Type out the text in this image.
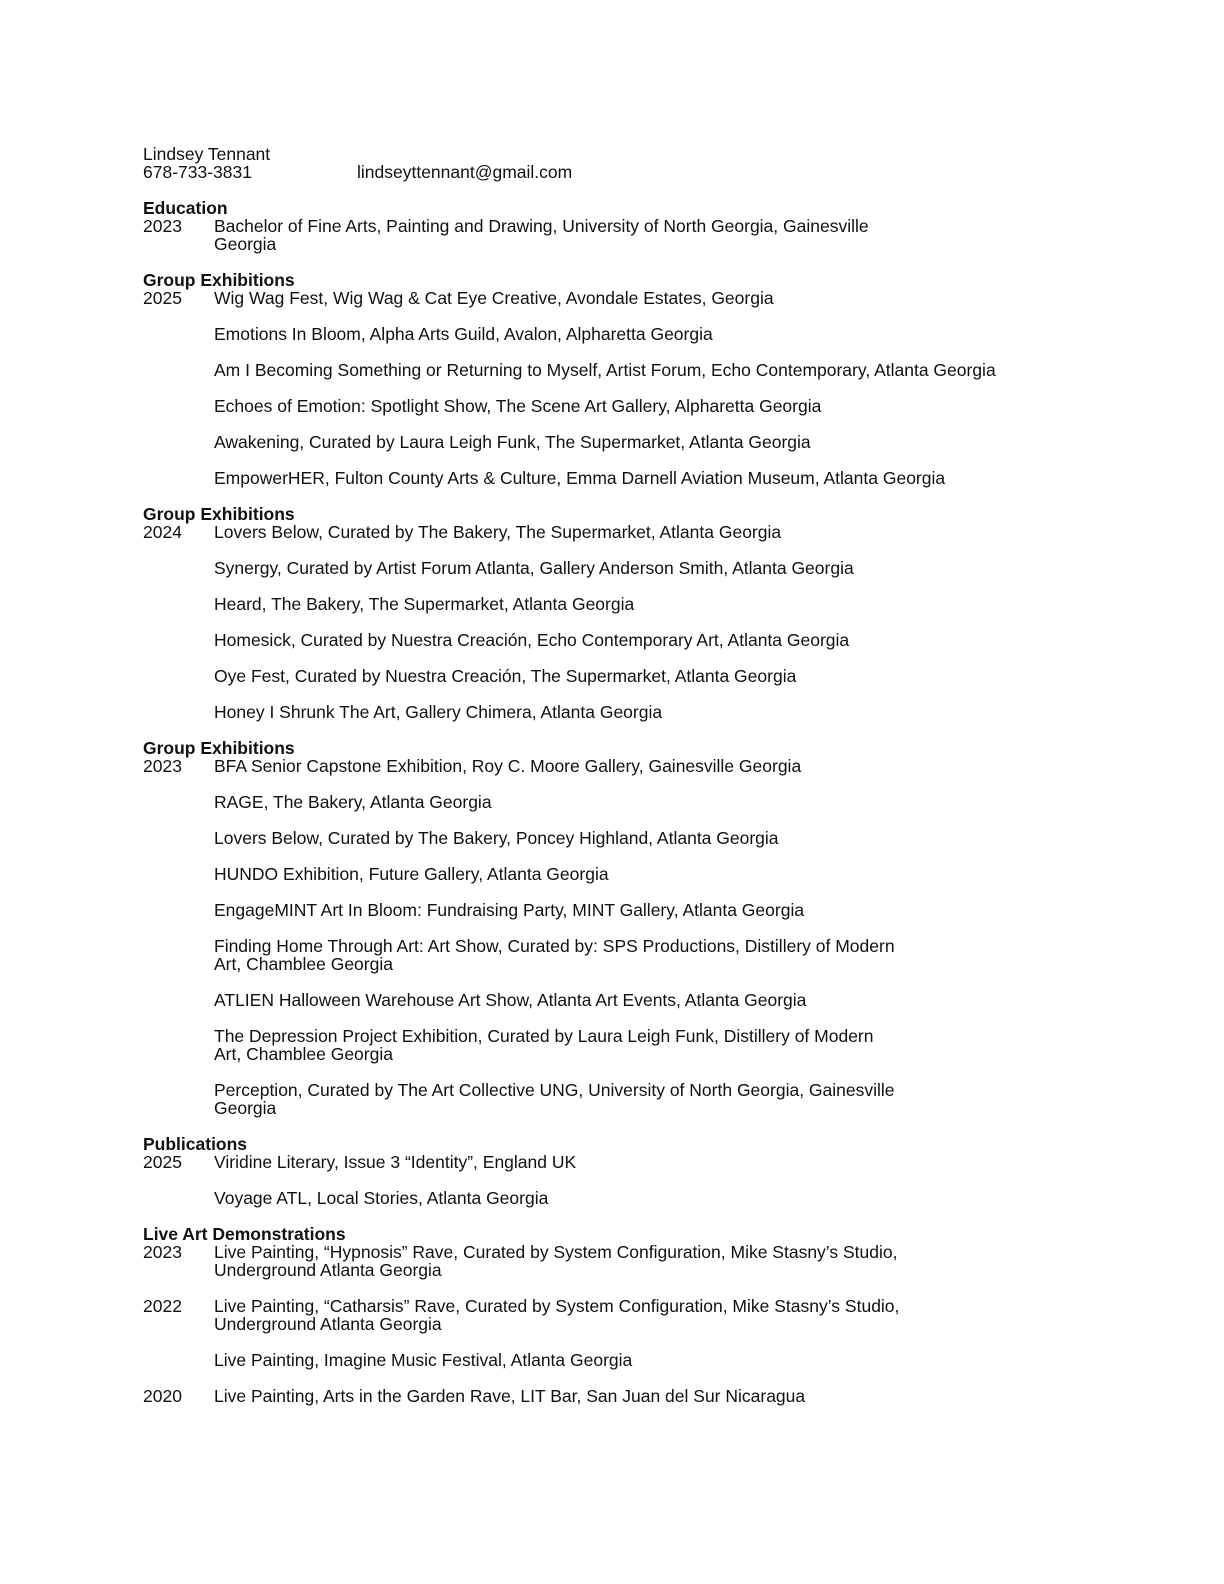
Lindsey Tennant
678-733-3831	lindseyttennant@gmail.com
Education
2023 Bachelor of Fine Arts, Painting and Drawing, University of North Georgia, Gainesville Georgia
Group Exhibitions
2025 Wig Wag Fest, Wig Wag & Cat Eye Creative, Avondale Estates, Georgia
Emotions In Bloom, Alpha Arts Guild, Avalon, Alpharetta Georgia
Am I Becoming Something or Returning to Myself, Artist Forum, Echo Contemporary, Atlanta Georgia
Echoes of Emotion: Spotlight Show, The Scene Art Gallery, Alpharetta Georgia
Awakening, Curated by Laura Leigh Funk, The Supermarket, Atlanta Georgia
EmpowerHER, Fulton County Arts & Culture, Emma Darnell Aviation Museum, Atlanta Georgia
Group Exhibitions
2024 Lovers Below, Curated by The Bakery, The Supermarket, Atlanta Georgia
Synergy, Curated by Artist Forum Atlanta, Gallery Anderson Smith, Atlanta Georgia
Heard, The Bakery, The Supermarket, Atlanta Georgia
Homesick, Curated by Nuestra Creación, Echo Contemporary Art, Atlanta Georgia
Oye Fest, Curated by Nuestra Creación, The Supermarket, Atlanta Georgia
Honey I Shrunk The Art, Gallery Chimera, Atlanta Georgia
Group Exhibitions
2023 BFA Senior Capstone Exhibition, Roy C. Moore Gallery, Gainesville Georgia
RAGE, The Bakery, Atlanta Georgia
Lovers Below, Curated by The Bakery, Poncey Highland, Atlanta Georgia
HUNDO Exhibition, Future Gallery, Atlanta Georgia
EngageMINT Art In Bloom: Fundraising Party, MINT Gallery, Atlanta Georgia
Finding Home Through Art: Art Show, Curated by: SPS Productions, Distillery of Modern Art, Chamblee Georgia
ATLIEN Halloween Warehouse Art Show, Atlanta Art Events, Atlanta Georgia
The Depression Project Exhibition, Curated by Laura Leigh Funk, Distillery of Modern Art, Chamblee Georgia
Perception, Curated by The Art Collective UNG, University of North Georgia, Gainesville Georgia
Publications
2025 Viridine Literary, Issue 3 “Identity”, England UK
Voyage ATL, Local Stories, Atlanta Georgia
Live Art Demonstrations
2023 Live Painting, “Hypnosis” Rave, Curated by System Configuration, Mike Stasny’s Studio, Underground Atlanta Georgia
2022 Live Painting, “Catharsis” Rave, Curated by System Configuration, Mike Stasny’s Studio, Underground Atlanta Georgia
Live Painting, Imagine Music Festival, Atlanta Georgia
2020 Live Painting, Arts in the Garden Rave, LIT Bar, San Juan del Sur Nicaragua
